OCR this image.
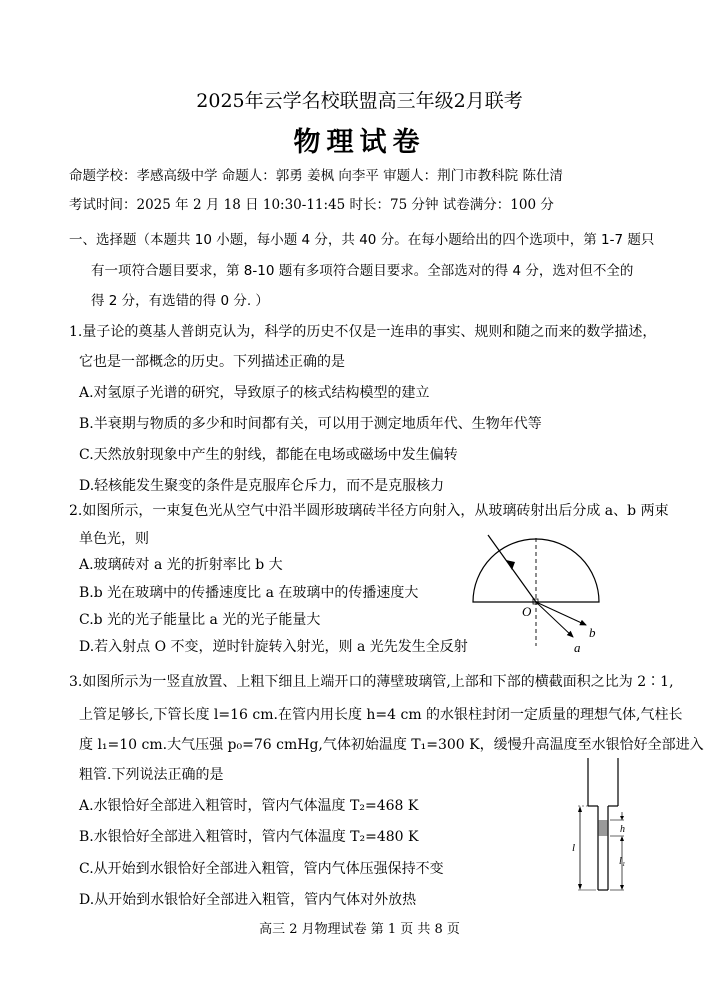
2025年云学名校联盟高三年级2月联考
物理试卷
命题学校：孝感高级中学 命题人：郭勇 姜枫 向李平 审题人：荆门市教科院 陈仕清
考试时间：2025 年 2 月 18 日 10:30-11:45 时长：75 分钟 试卷满分：100 分
一、选择题（本题共 10 小题，每小题 4 分，共 40 分。在每小题给出的四个选项中，第 1-7 题只
有一项符合题目要求，第 8-10 题有多项符合题目要求。全部选对的得 4 分，选对但不全的
得 2 分，有选错的得 0 分. ）
1.量子论的奠基人普朗克认为，科学的历史不仅是一连串的事实、规则和随之而来的数学描述，
它也是一部概念的历史。下列描述正确的是
A.对氢原子光谱的研究，导致原子的核式结构模型的建立
B.半衰期与物质的多少和时间都有关，可以用于测定地质年代、生物年代等
C.天然放射现象中产生的射线，都能在电场或磁场中发生偏转
D.轻核能发生聚变的条件是克服库仑斥力，而不是克服核力
2.如图所示，一束复色光从空气中沿半圆形玻璃砖半径方向射入，从玻璃砖射出后分成 a、b 两束
单色光，则
A.玻璃砖对 a 光的折射率比 b 大
B.b 光在玻璃中的传播速度比 a 在玻璃中的传播速度大
C.b 光的光子能量比 a 光的光子能量大
D.若入射点 O 不变，逆时针旋转入射光，则 a 光先发生全反射
O
b
a
3.如图所示为一竖直放置、上粗下细且上端开口的薄壁玻璃管,上部和下部的横截面积之比为 2∶1,
上管足够长,下管长度 l=16 cm.在管内用长度 h=4 cm 的水银柱封闭一定质量的理想气体,气柱长
度 l₁=10 cm.大气压强 p₀=76 cmHg,气体初始温度 T₁=300 K，缓慢升高温度至水银恰好全部进入
粗管.下列说法正确的是
A.水银恰好全部进入粗管时，管内气体温度 T₂=468 K
B.水银恰好全部进入粗管时，管内气体温度 T₂=480 K
C.从开始到水银恰好全部进入粗管，管内气体压强保持不变
D.从开始到水银恰好全部进入粗管，管内气体对外放热
l
h
l₁
高三 2 月物理试卷 第 1 页 共 8 页
